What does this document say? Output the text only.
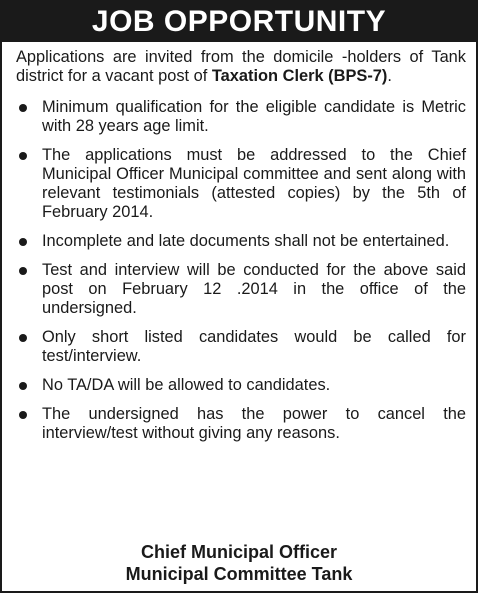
JOB OPPORTUNITY

Applications are invited from the domicile -holders of Tank district for a vacant post of Taxation Clerk (BPS-7).

Minimum qualification for the eligible candidate is Metric with 28 years age limit.
The applications must be addressed to the Chief Municipal Officer Municipal committee and sent along with relevant testimonials (attested copies) by the 5th of February 2014.
Incomplete and late documents shall not be entertained.
Test and interview will be conducted for the above said post on February 12 .2014 in the office of the undersigned.
Only short listed candidates would be called for test/interview.
No TA/DA will be allowed to candidates.
The undersigned has the power to cancel the interview/test without giving any reasons.
Chief Municipal Officer
Municipal Committee Tank
